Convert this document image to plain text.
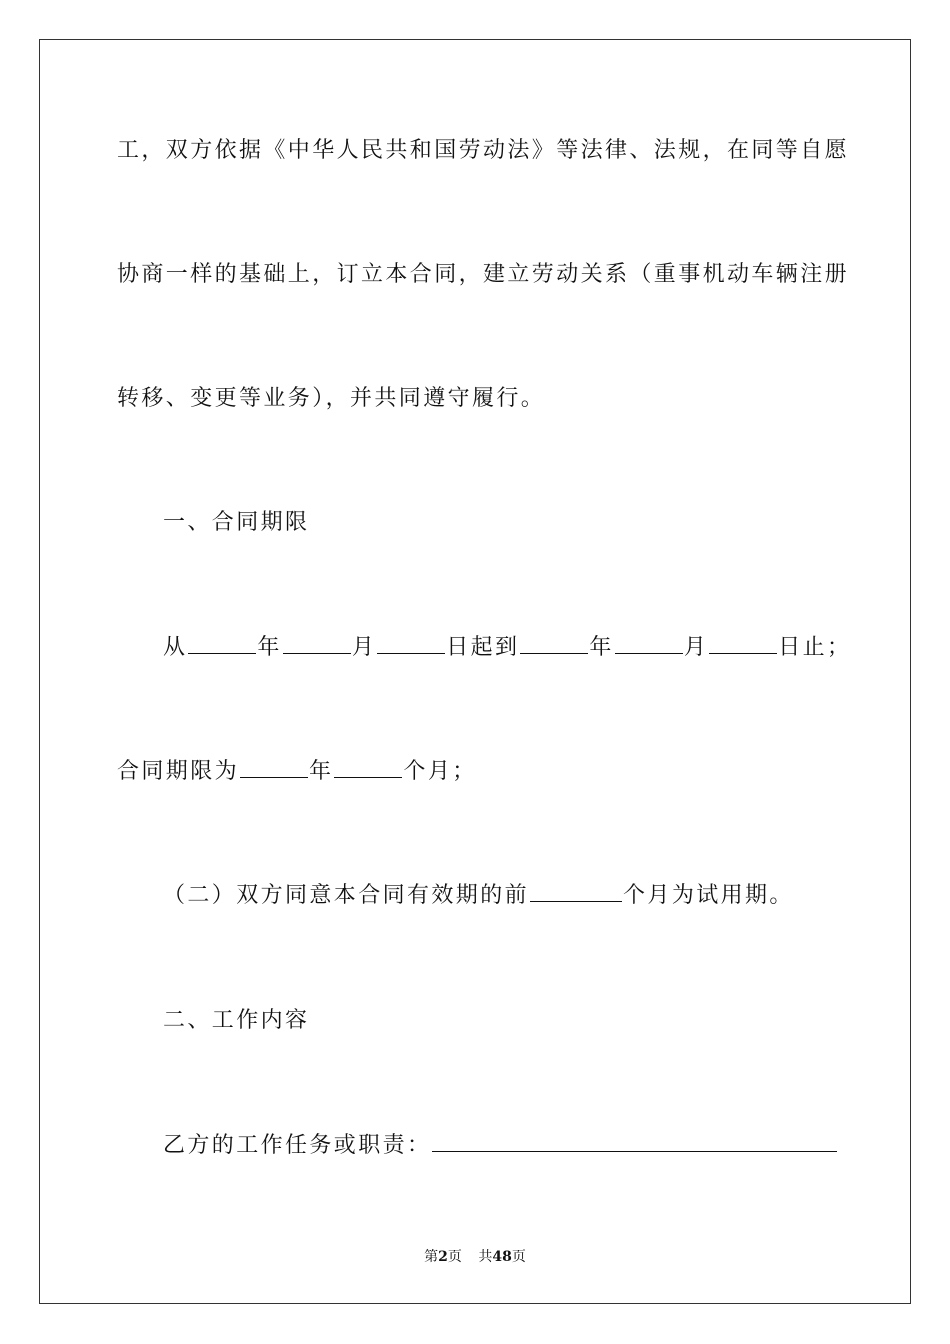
工，双方依据《中华人民共和国劳动法》等法律、法规，在同等自愿
协商一样的基础上，订立本合同，建立劳动关系（重事机动车辆注册
转移、变更等业务），并共同遵守履行。
一、合同期限
从	年	月	日起到	年	月	日止；
合同期限为	年	个月；
（二）双方同意本合同有效期的前	个月为试用期。
二、工作内容
乙方的工作任务或职责：
第2页 共48页
